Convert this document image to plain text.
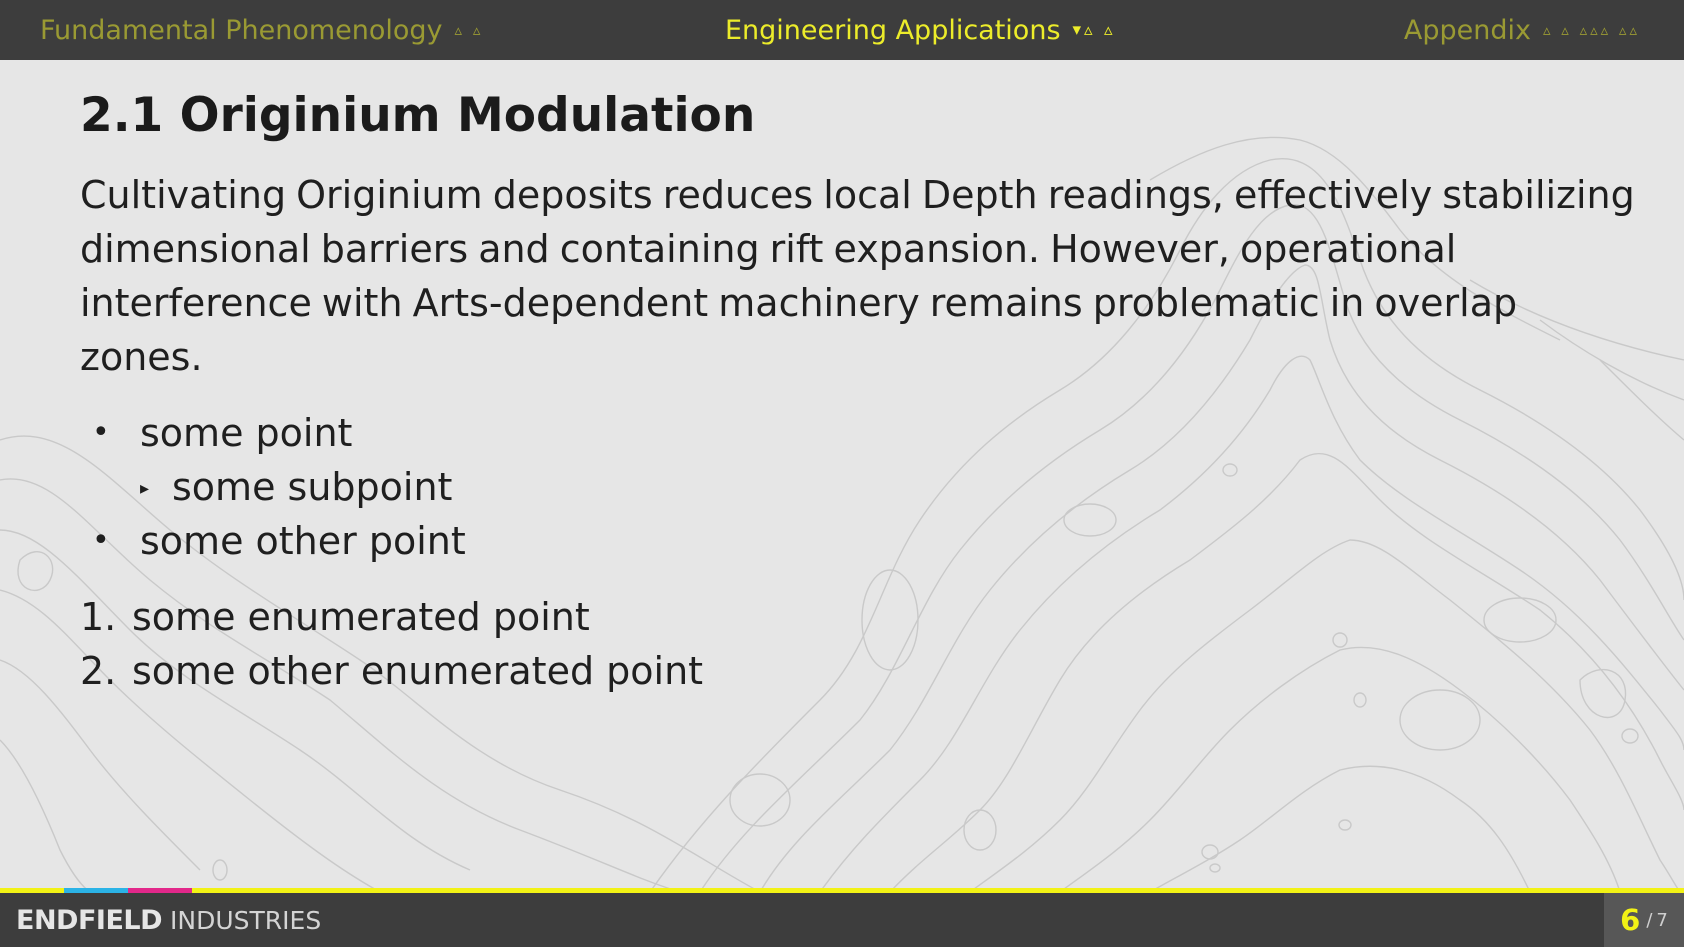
Fundamental Phenomenology ▵ ▵	Engineering Applications ▾▵ ▵	Appendix ▵ ▵ ▵▵▵ ▵▵
2.1 Originium Modulation

Cultivating Originium deposits reduces local Depth readings, effectively stabilizing dimensional barriers and containing rift expansion. However, operational interference with Arts-dependent machinery remains problematic in overlap zones.

• some point
▸ some subpoint
• some other point
1. some enumerated point
2. some other enumerated point
ENDFIELD INDUSTRIES	6 / 7
